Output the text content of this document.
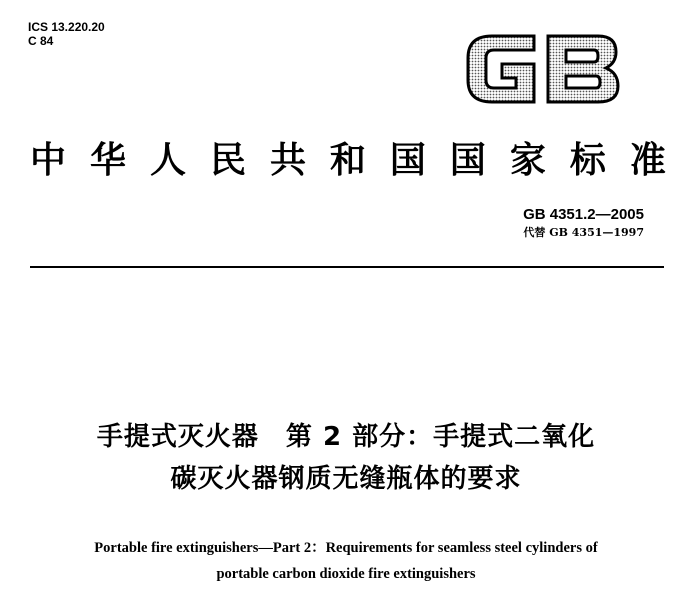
ICS 13.220.20
C 84
中 华 人 民 共 和 国 国 家 标 准
GB 4351.2—2005
代替 GB 4351—1997
手提式灭火器　第 2 部分：手提式二氧化
碳灭火器钢质无缝瓶体的要求
Portable fire extinguishers—Part 2：Requirements for seamless steel cylinders of
portable carbon dioxide fire extinguishers
